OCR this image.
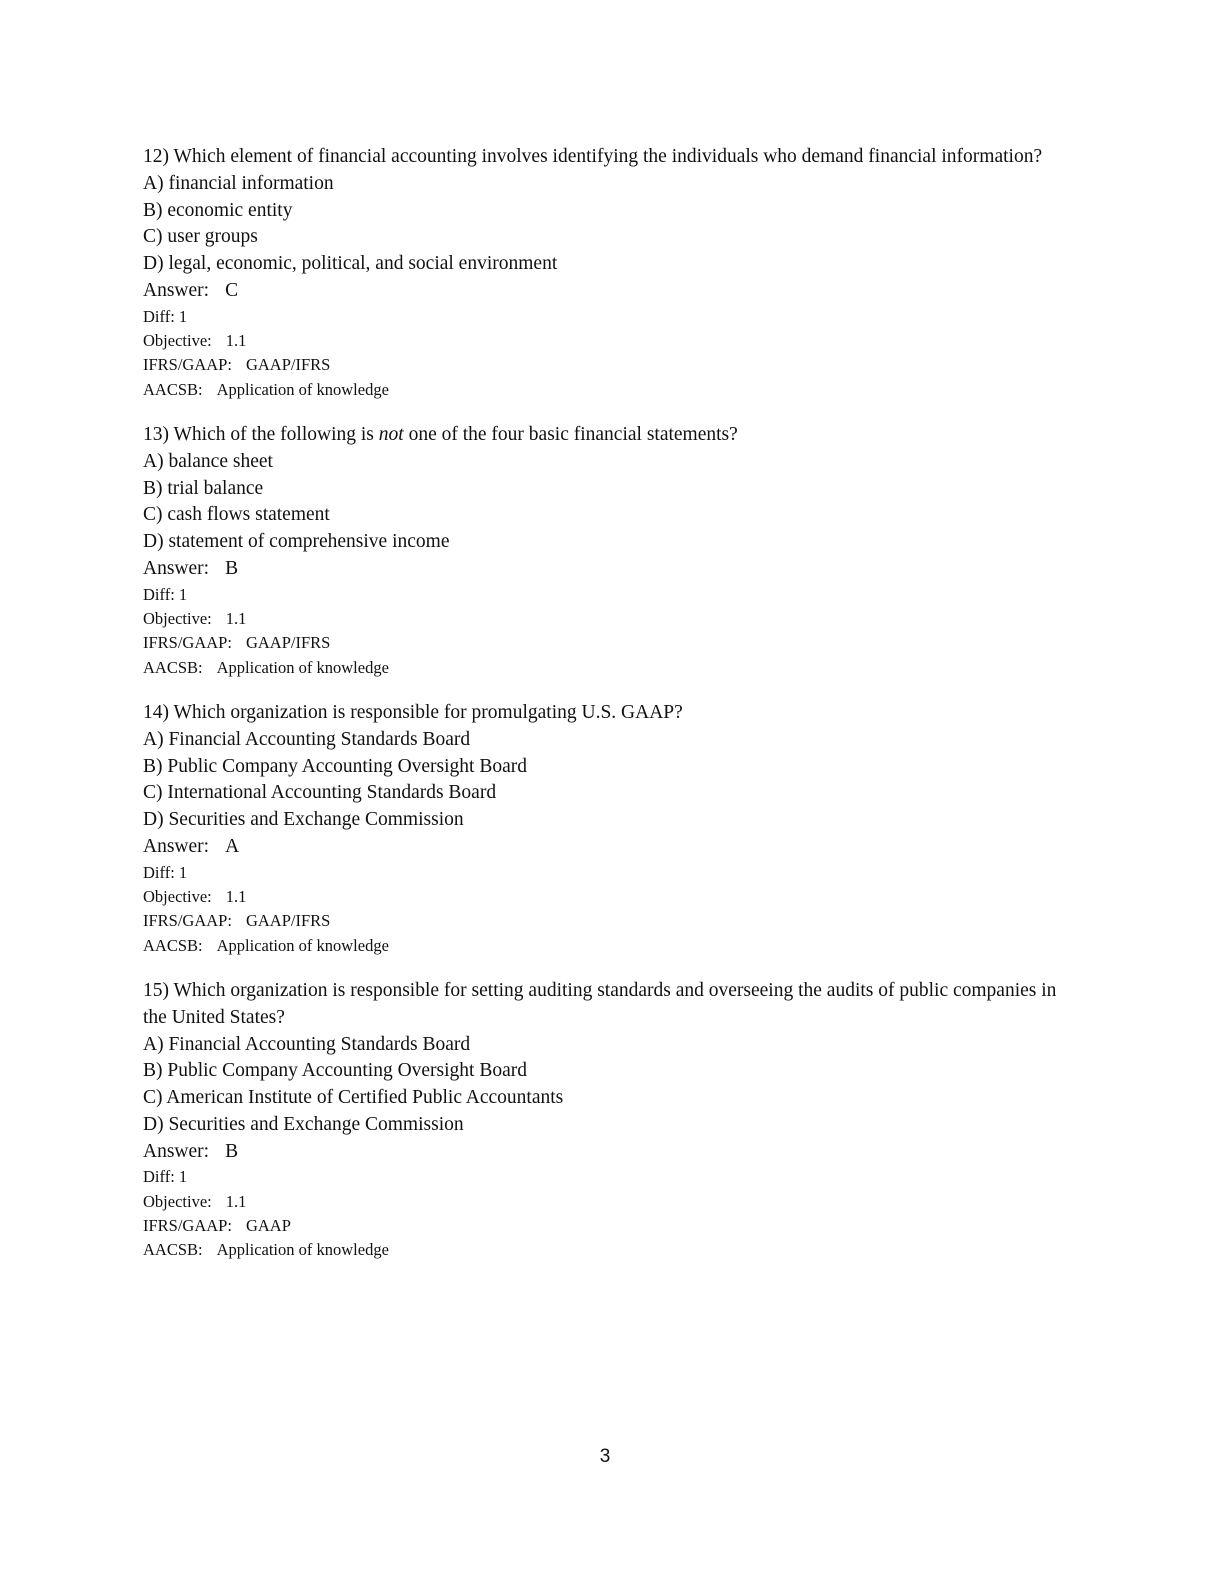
12) Which element of financial accounting involves identifying the individuals who demand financial information?

A) financial information

B) economic entity

C) user groups

D) legal, economic, political, and social environment

Answer: C

Diff: 1

Objective: 1.1

IFRS/GAAP: GAAP/IFRS

AACSB: Application of knowledge

13) Which of the following is not one of the four basic financial statements?

A) balance sheet

B) trial balance

C) cash flows statement

D) statement of comprehensive income

Answer: B

Diff: 1

Objective: 1.1

IFRS/GAAP: GAAP/IFRS

AACSB: Application of knowledge

14) Which organization is responsible for promulgating U.S. GAAP?

A) Financial Accounting Standards Board

B) Public Company Accounting Oversight Board

C) International Accounting Standards Board

D) Securities and Exchange Commission

Answer: A

Diff: 1

Objective: 1.1

IFRS/GAAP: GAAP/IFRS

AACSB: Application of knowledge

15) Which organization is responsible for setting auditing standards and overseeing the audits of public companies in the United States?

A) Financial Accounting Standards Board

B) Public Company Accounting Oversight Board

C) American Institute of Certified Public Accountants

D) Securities and Exchange Commission

Answer: B

Diff: 1

Objective: 1.1

IFRS/GAAP: GAAP

AACSB: Application of knowledge

3
